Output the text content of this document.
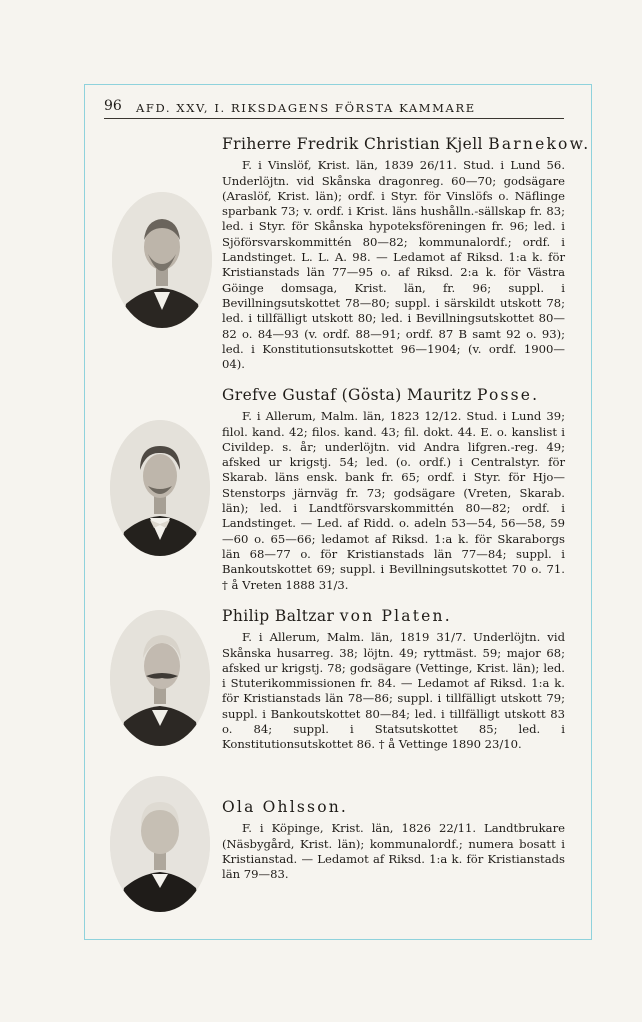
96 AFD. XXV, I. RIKSDAGENS FÖRSTA KAMMARE
Friherre Fredrik Christian Kjell Barnekow.
F. i Vinslöf, Krist. län, 1839 26/11. Stud. i Lund 56. Underlöjtn. vid Skånska dragonreg. 60—70; godsägare (Araslöf, Krist. län); ordf. i Styr. för Vinslöfs o. Näflinge sparbank 73; v. ordf. i Krist. läns hushålln.-sällskap fr. 83; led. i Styr. för Skånska hypoteksföreningen fr. 96; led. i Sjöförsvarskommittén 80—82; kommunalordf.; ordf. i Landstinget. L. L. A. 98. — Ledamot af Riksd. 1:a k. för Kristianstads län 77—95 o. af Riksd. 2:a k. för Västra Göinge domsaga, Krist. län, fr. 96; suppl. i Bevillningsutskottet 78—80; suppl. i särskildt utskott 78; led. i tillfälligt utskott 80; led. i Bevillningsutskottet 80—82 o. 84—93 (v. ordf. 88—91; ordf. 87 B samt 92 o. 93); led. i Konstitutionsutskottet 96—1904; (v. ordf. 1900—04).
Grefve Gustaf (Gösta) Mauritz Posse.
F. i Allerum, Malm. län, 1823 12/12. Stud. i Lund 39; filol. kand. 42; filos. kand. 43; fil. dokt. 44. E. o. kanslist i Civildep. s. år; underlöjtn. vid Andra lifgren.-reg. 49; afsked ur krigstj. 54; led. (o. ordf.) i Centralstyr. för Skarab. läns ensk. bank fr. 65; ordf. i Styr. för Hjo—Stenstorps järnväg fr. 73; godsägare (Vreten, Skarab. län); led. i Landtförsvarskommittén 80—82; ordf. i Landstinget. — Led. af Ridd. o. adeln 53—54, 56—58, 59—60 o. 65—66; ledamot af Riksd. 1:a k. för Skaraborgs län 68—77 o. för Kristianstads län 77—84; suppl. i Bankoutskottet 69; suppl. i Bevillningsutskottet 70 o. 71. † å Vreten 1888 31/3.
Philip Baltzar von Platen.
F. i Allerum, Malm. län, 1819 31/7. Underlöjtn. vid Skånska husarreg. 38; löjtn. 49; ryttmäst. 59; major 68; afsked ur krigstj. 78; godsägare (Vettinge, Krist. län); led. i Stuterikommissionen fr. 84. — Ledamot af Riksd. 1:a k. för Kristianstads län 78—86; suppl. i tillfälligt utskott 79; suppl. i Bankoutskottet 80—84; led. i tillfälligt utskott 83 o. 84; suppl. i Statsutskottet 85; led. i Konstitutionsutskottet 86. † å Vettinge 1890 23/10.
Ola Ohlsson.
F. i Köpinge, Krist. län, 1826 22/11. Landtbrukare (Näsbygård, Krist. län); kommunalordf.; numera bosatt i Kristianstad. — Ledamot af Riksd. 1:a k. för Kristianstads län 79—83.
